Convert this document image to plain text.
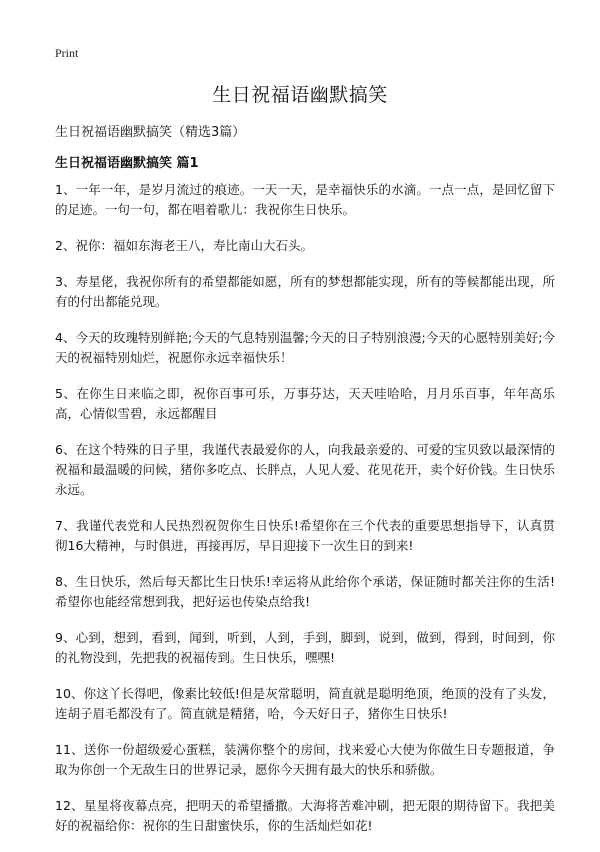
Print
生日祝福语幽默搞笑

生日祝福语幽默搞笑（精选3篇）

生日祝福语幽默搞笑 篇1
1、一年一年，是岁月流过的痕迹。一天一天，是幸福快乐的水滴。一点一点，是回忆留下的足迹。一句一句，都在唱着歌儿：我祝你生日快乐。
2、祝你：福如东海老王八，寿比南山大石头。
3、寿星佬，我祝你所有的希望都能如愿，所有的梦想都能实现，所有的等候都能出现，所有的付出都能兑现。
4、今天的玫瑰特别鲜艳;今天的气息特别温馨;今天的日子特别浪漫;今天的心愿特别美好;今天的祝福特别灿烂，祝愿你永远幸福快乐！
5、在你生日来临之即，祝你百事可乐，万事芬达，天天哇哈哈，月月乐百事，年年高乐高，心情似雪碧，永远都醒目
6、在这个特殊的日子里，我谨代表最爱你的人，向我最亲爱的、可爱的宝贝致以最深情的祝福和最温暖的问候，猪你多吃点、长胖点，人见人爱、花见花开，卖个好价钱。生日快乐永远。
7、我谨代表党和人民热烈祝贺你生日快乐!希望你在三个代表的重要思想指导下，认真贯彻16大精神，与时俱进，再接再厉，早日迎接下一次生日的到来!
8、生日快乐，然后每天都比生日快乐!幸运将从此给你个承诺，保证随时都关注你的生活!希望你也能经常想到我，把好运也传染点给我!
9、心到，想到，看到，闻到，听到，人到，手到，脚到，说到，做到，得到，时间到，你的礼物没到，先把我的祝福传到。生日快乐，嘿嘿!
10、你这丫长得吧，像素比较低!但是灰常聪明，简直就是聪明绝顶，绝顶的没有了头发，连胡子眉毛都没有了。简直就是精猪，哈，今天好日子，猪你生日快乐!
11、送你一份超级爱心蛋糕，装满你整个的房间，找来爱心大使为你做生日专题报道，争取为你创一个无敌生日的世界记录，愿你今天拥有最大的快乐和骄傲。
12、星星将夜幕点亮，把明天的希望播撒。大海将苦难冲刷，把无限的期待留下。我把美好的祝福给你：祝你的生日甜蜜快乐，你的生活灿烂如花!
